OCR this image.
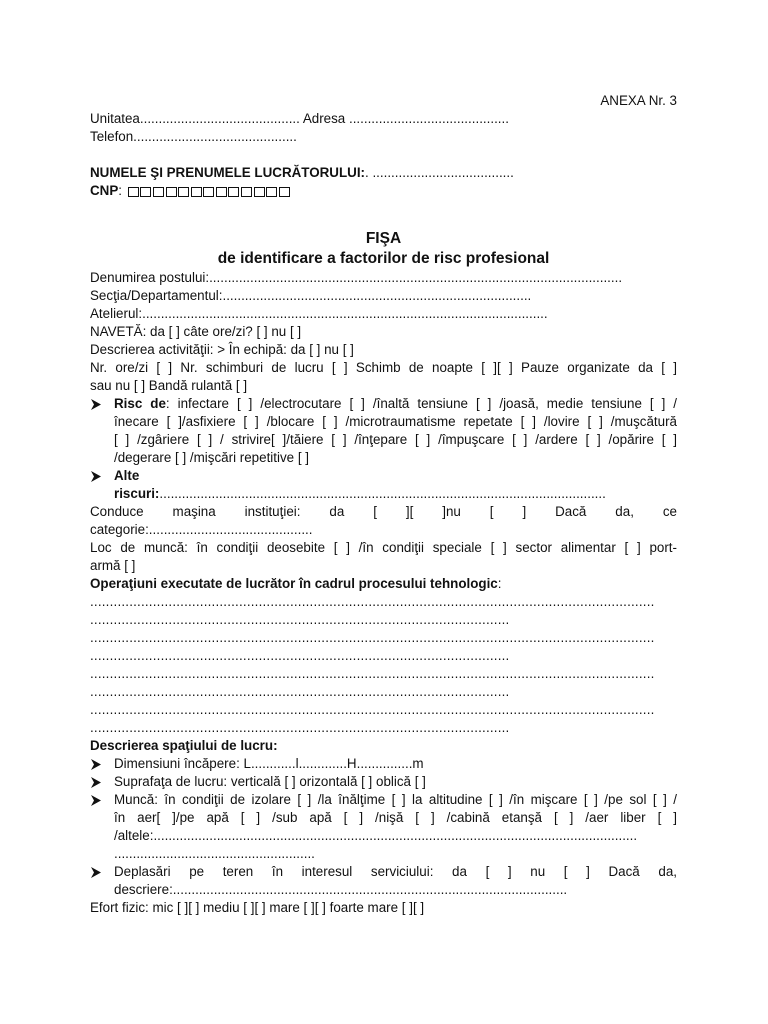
ANEXA Nr. 3
Unitatea........................................... Adresa ...........................................
Telefon............................................
NUMELE ŞI PRENUMELE LUCRĂTORULUI:. ......................................
CNP:
FIŞA
de identificare a factorilor de risc profesional
Denumirea postului:...............................................................................................................
Secţia/Departamentul:...................................................................................
Atelierul:.............................................................................................................
NAVETĂ: da [ ] câte ore/zi? [ ] nu [ ]
Descrierea activităţii: > În echipă: da [ ] nu [ ]
Nr. ore/zi [ ] Nr. schimburi de lucru [ ] Schimb de noapte [ ][ ] Pauze organizate da [ ]
sau nu [ ] Bandă rulantă [ ]
Risc de: infectare [ ] /electrocutare [ ] /înaltă tensiune [ ] /joasă, medie tensiune [ ] /
înecare [ ]/asfixiere [ ] /blocare [ ] /microtraumatisme repetate [ ] /lovire [ ] /muşcătură
[ ] /zgâriere [ ] / strivire[ ]/tăiere [ ] /înţepare [ ] /împuşcare [ ] /ardere [ ] /opărire [ ]
/degerare [ ] /mişcări repetitive [ ]
Alte
riscuri:........................................................................................................................
Conduce maşina instituţiei: da [ ][ ]nu [ ] Dacă da, ce
categorie:............................................
Loc de muncă: în condiţii deosebite [ ] /în condiţii speciale [ ] sector alimentar [ ] port-
armă [ ]
Operaţiuni executate de lucrător în cadrul procesului tehnologic:
................................................................................................................................................
...........................................................................................................
................................................................................................................................................
...........................................................................................................
................................................................................................................................................
...........................................................................................................
................................................................................................................................................
...........................................................................................................
Descrierea spaţiului de lucru:
Dimensiuni încăpere: L............l.............H...............m
Suprafaţa de lucru: verticală [ ] orizontală [ ] oblică [ ]
Muncă: în condiţii de izolare [ ] /la înălţime [ ] la altitudine [ ] /în mişcare [ ] /pe sol [ ] /
în aer[ ]/pe apă [ ] /sub apă [ ] /nişă [ ] /cabină etanşă [ ] /aer liber [ ]
/altele:..................................................................................................................................
......................................................
Deplasări pe teren în interesul serviciului: da [ ] nu [ ] Dacă da,
descriere:..........................................................................................................
Efort fizic: mic [ ][ ] mediu [ ][ ] mare [ ][ ] foarte mare [ ][ ]
